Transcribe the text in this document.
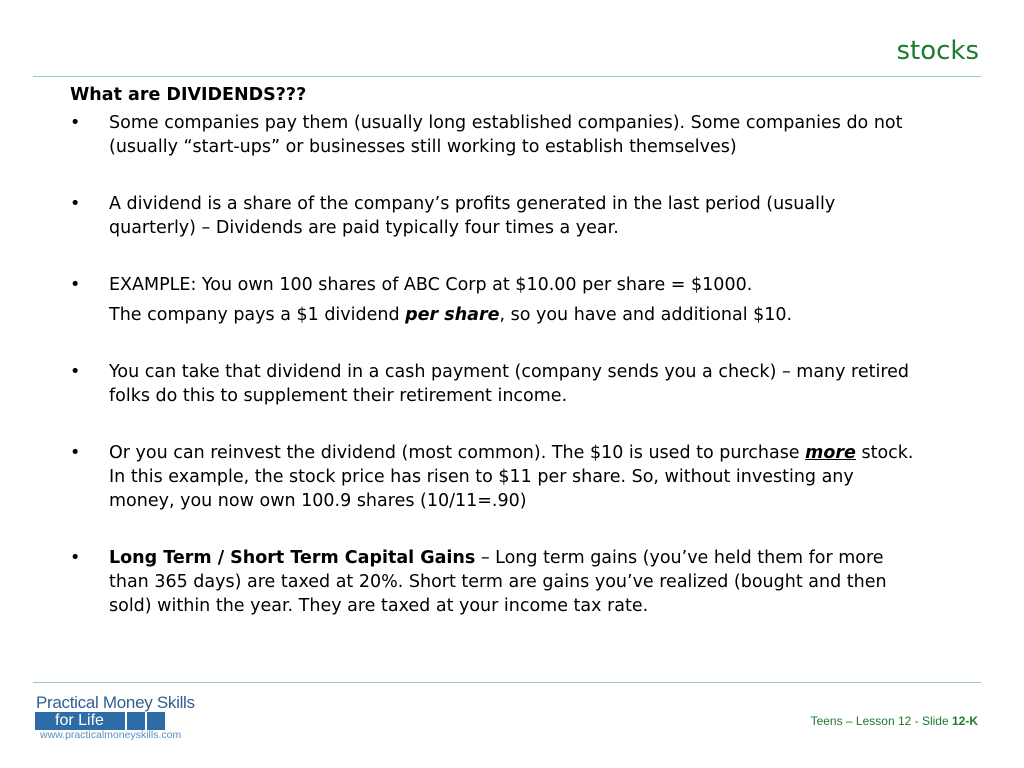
stocks
What are DIVIDENDS???
• Some companies pay them (usually long established companies). Some companies do not (usually “start-ups” or businesses still working to establish themselves)
• A dividend is a share of the company’s profits generated in the last period (usually quarterly) – Dividends are paid typically four times a year.
• EXAMPLE: You own 100 shares of ABC Corp at $10.00 per share = $1000.
The company pays a $1 dividend per share, so you have and additional $10.
• You can take that dividend in a cash payment (company sends you a check) – many retired folks do this to supplement their retirement income.
• Or you can reinvest the dividend (most common). The $10 is used to purchase more stock. In this example, the stock price has risen to $11 per share. So, without investing any money, you now own 100.9 shares (10/11=.90)
• Long Term / Short Term Capital Gains – Long term gains (you’ve held them for more than 365 days) are taxed at 20%. Short term are gains you’ve realized (bought and then sold) within the year. They are taxed at your income tax rate.
Practical Money Skills
for Life
www.practicalmoneyskills.com
Teens – Lesson 12 - Slide 12-K
